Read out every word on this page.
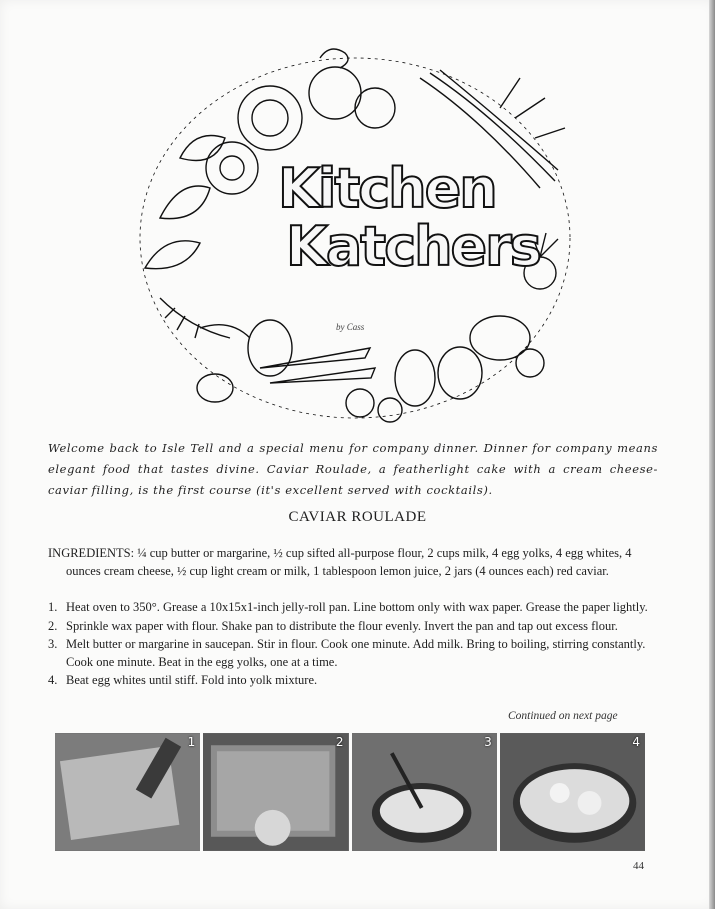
Kitchen
Katchers
by Cass

Welcome back to Isle Tell and a special menu for company dinner. Dinner for company means elegant food that tastes divine. Caviar Roulade, a featherlight cake with a cream cheese-caviar filling, is the first course (it's excellent served with cocktails).

CAVIAR ROULADE

INGREDIENTS: ¼ cup butter or margarine, ½ cup sifted all-purpose flour, 2 cups milk, 4 egg yolks, 4 egg whites, 4 ounces cream cheese, ½ cup light cream or milk, 1 tablespoon lemon juice, 2 jars (4 ounces each) red caviar.

1. Heat oven to 350°. Grease a 10x15x1-inch jelly-roll pan. Line bottom only with wax paper. Grease the paper lightly.
2. Sprinkle wax paper with flour. Shake pan to distribute the flour evenly. Invert the pan and tap out excess flour.
3. Melt butter or margarine in saucepan. Stir in flour. Cook one minute. Add milk. Bring to boiling, stirring constantly. Cook one minute. Beat in the egg yolks, one at a time.
4. Beat egg whites until stiff. Fold into yolk mixture.
Continued on next page
1	2	3	4
44
